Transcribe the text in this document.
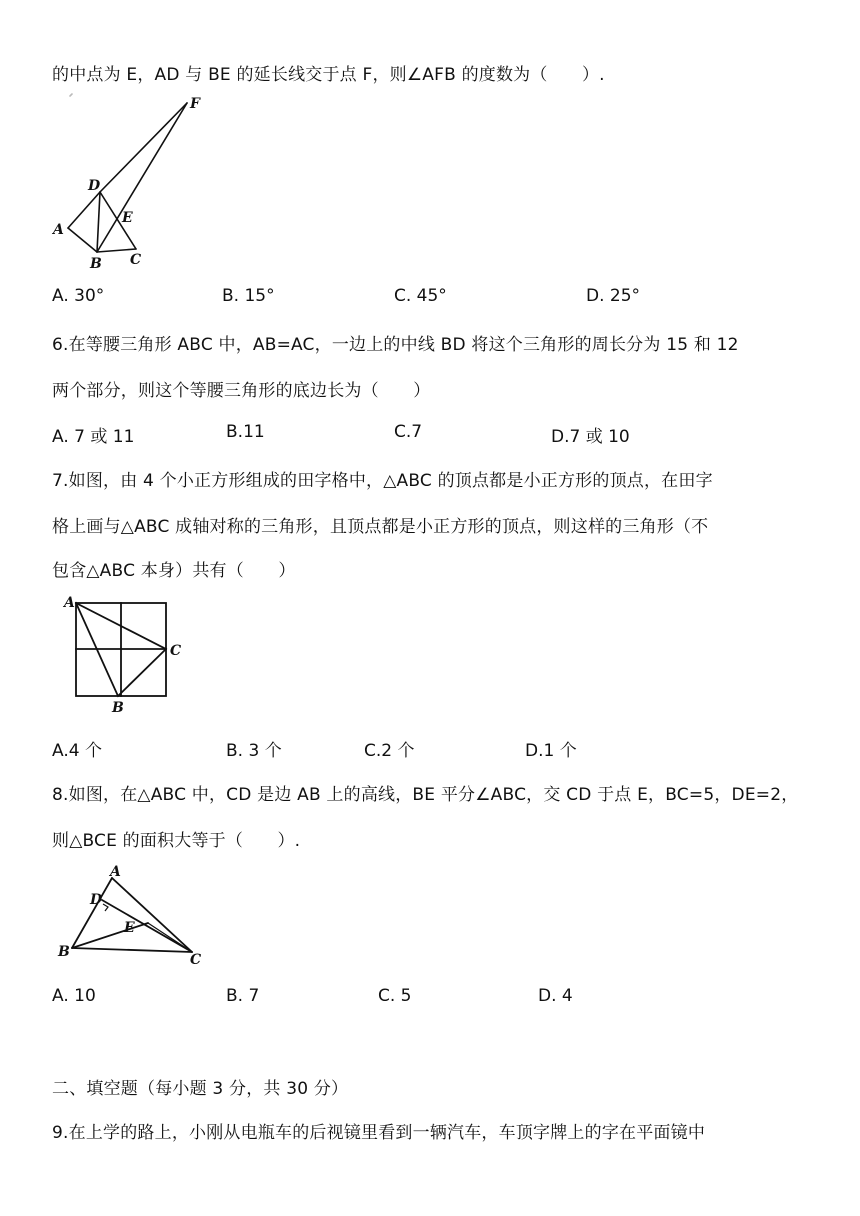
的中点为 E，AD 与 BE 的延长线交于点 F，则∠AFB 的度数为（　　）.
F
D
E
A
B C
A. 30°	B. 15°	C. 45°	D. 25°
6.在等腰三角形 ABC 中，AB=AC，一边上的中线 BD 将这个三角形的周长分为 15 和 12
两个部分，则这个等腰三角形的底边长为（　　）
A. 7 或 11	B.11	C.7	D.7 或 10
7.如图，由 4 个小正方形组成的田字格中，△ABC 的顶点都是小正方形的顶点，在田字
格上画与△ABC 成轴对称的三角形，且顶点都是小正方形的顶点，则这样的三角形（不
包含△ABC 本身）共有（　　）
A
C
B
A.4 个	B. 3 个	C.2 个	D.1 个
8.如图，在△ABC 中，CD 是边 AB 上的高线，BE 平分∠ABC，交 CD 于点 E，BC=5，DE=2，
则△BCE 的面积大等于（　　）.
A
D
E
B	C
A. 10	B. 7	C. 5	D. 4
二、填空题（每小题 3 分，共 30 分）
9.在上学的路上，小刚从电瓶车的后视镜里看到一辆汽车，车顶字牌上的字在平面镜中
